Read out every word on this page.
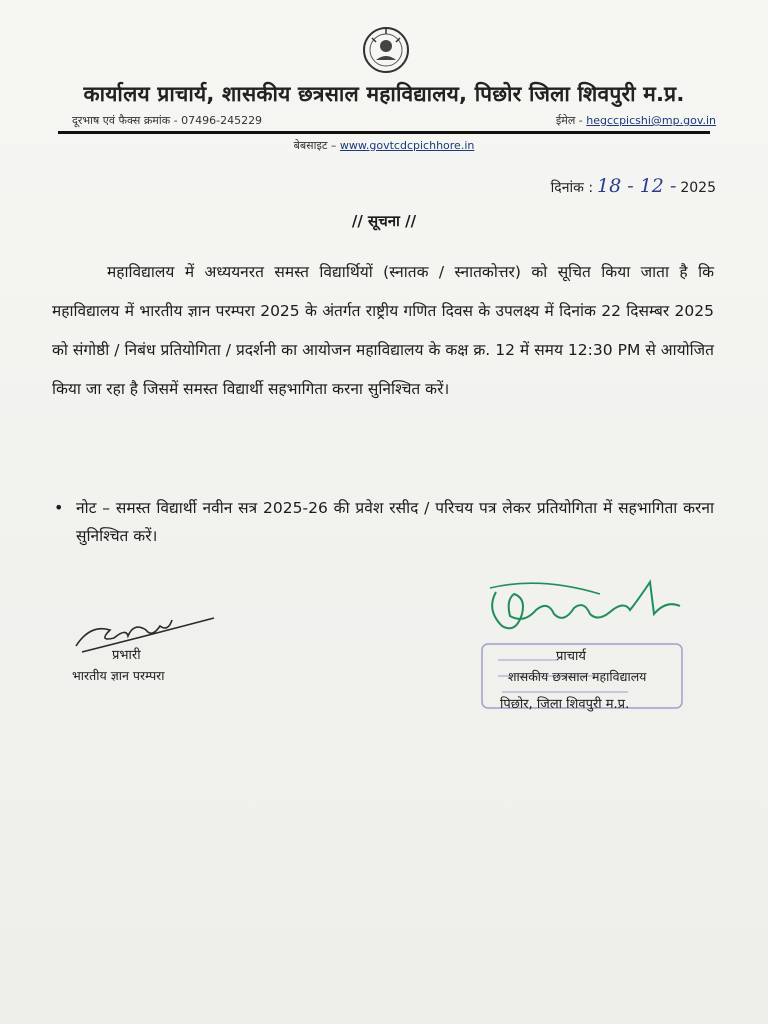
कार्यालय प्राचार्य, शासकीय छत्रसाल महाविद्यालय, पिछोर जिला शिवपुरी म.प्र.
दूरभाष एवं फैक्स क्रमांक - 07496-245229	ईमेल - hegccpicshi@mp.gov.in
बेबसाइट – www.govtcdcpichhore.in
दिनांक : 18 - 12 - 2025
// सूचना //
महाविद्यालय में अध्ययनरत समस्त विद्यार्थियों (स्नातक / स्नातकोत्तर) को सूचित किया जाता है कि महाविद्यालय में भारतीय ज्ञान परम्परा 2025 के अंतर्गत राष्ट्रीय गणित दिवस के उपलक्ष्य में दिनांक 22 दिसम्बर 2025 को संगोष्ठी / निबंध प्रतियोगिता / प्रदर्शनी का आयोजन महाविद्यालय के कक्ष क्र. 12 में समय 12:30 PM से आयोजित किया जा रहा है जिसमें समस्त विद्यार्थी सहभागिता करना सुनिश्चित करें।
• नोट – समस्त विद्यार्थी नवीन सत्र 2025-26 की प्रवेश रसीद / परिचय पत्र लेकर प्रतियोगिता में सहभागिता करना सुनिश्चित करें।
प्रभारी
भारतीय ज्ञान परम्परा
प्राचार्य
शासकीय छत्रसाल महाविद्यालय
पिछोर, जिला शिवपुरी म.प्र.
